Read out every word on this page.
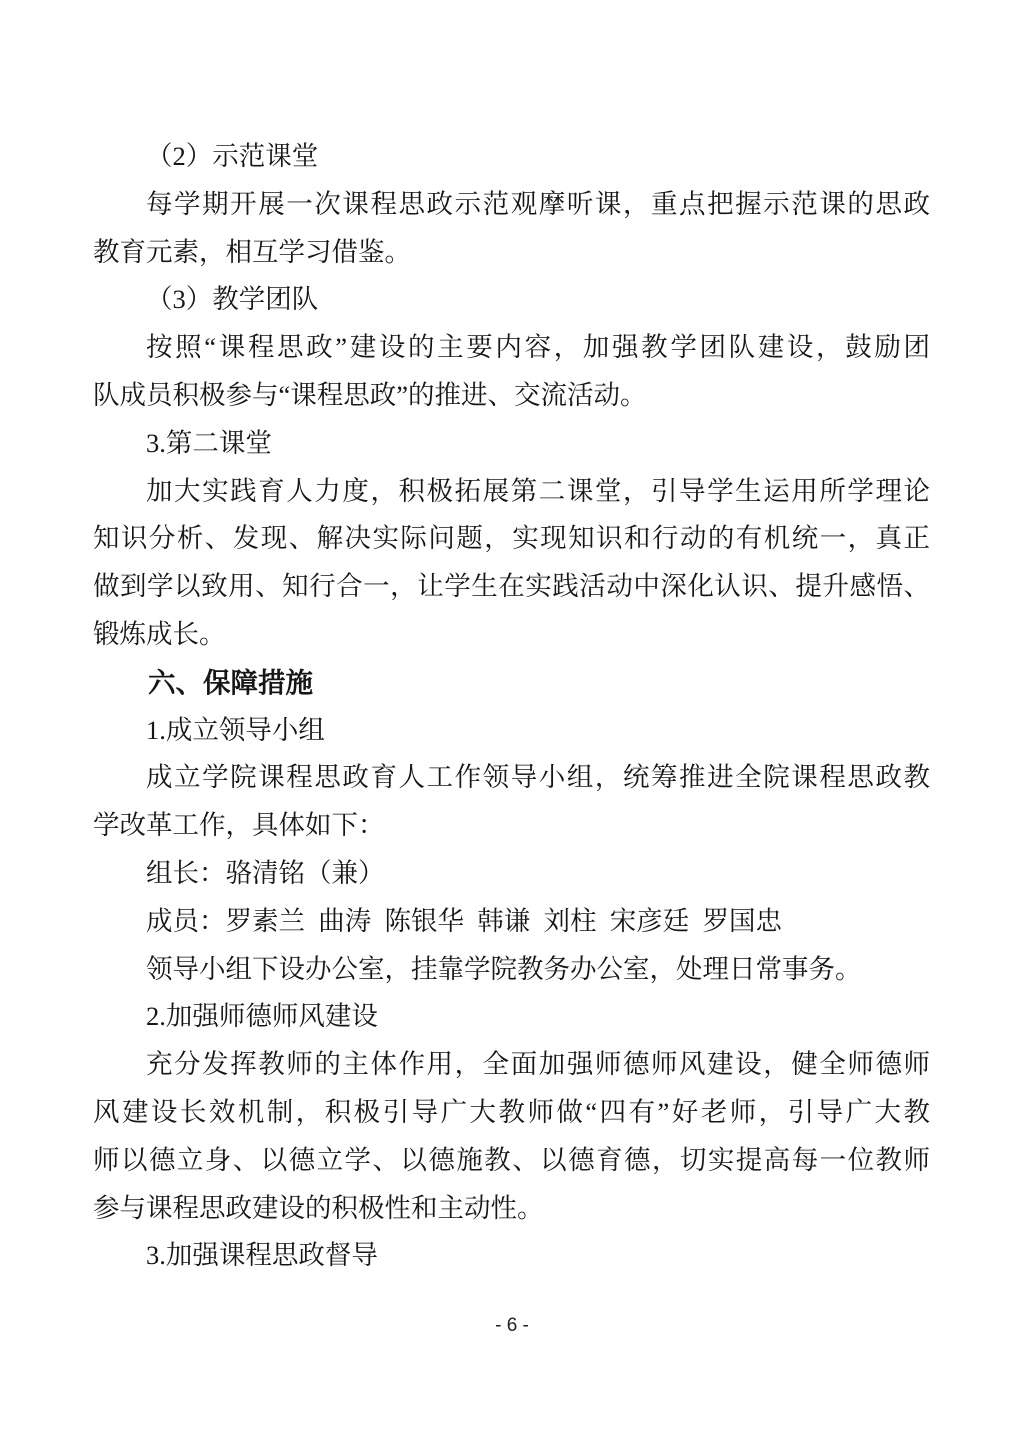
（2）示范课堂
每学期开展一次课程思政示范观摩听课，重点把握示范课的思政
教育元素，相互学习借鉴。
（3）教学团队
按照“课程思政”建设的主要内容，加强教学团队建设，鼓励团
队成员积极参与“课程思政”的推进、交流活动。
3.第二课堂
加大实践育人力度，积极拓展第二课堂，引导学生运用所学理论
知识分析、发现、解决实际问题，实现知识和行动的有机统一，真正
做到学以致用、知行合一，让学生在实践活动中深化认识、提升感悟、
锻炼成长。
六、保障措施
1.成立领导小组
成立学院课程思政育人工作领导小组，统筹推进全院课程思政教
学改革工作，具体如下：
组长：骆清铭（兼）
成员：罗素兰 曲涛 陈银华 韩谦 刘柱 宋彦廷 罗国忠
领导小组下设办公室，挂靠学院教务办公室，处理日常事务。
2.加强师德师风建设
充分发挥教师的主体作用，全面加强师德师风建设，健全师德师
风建设长效机制，积极引导广大教师做“四有”好老师，引导广大教
师以德立身、以德立学、以德施教、以德育德，切实提高每一位教师
参与课程思政建设的积极性和主动性。
3.加强课程思政督导
- 6 -
